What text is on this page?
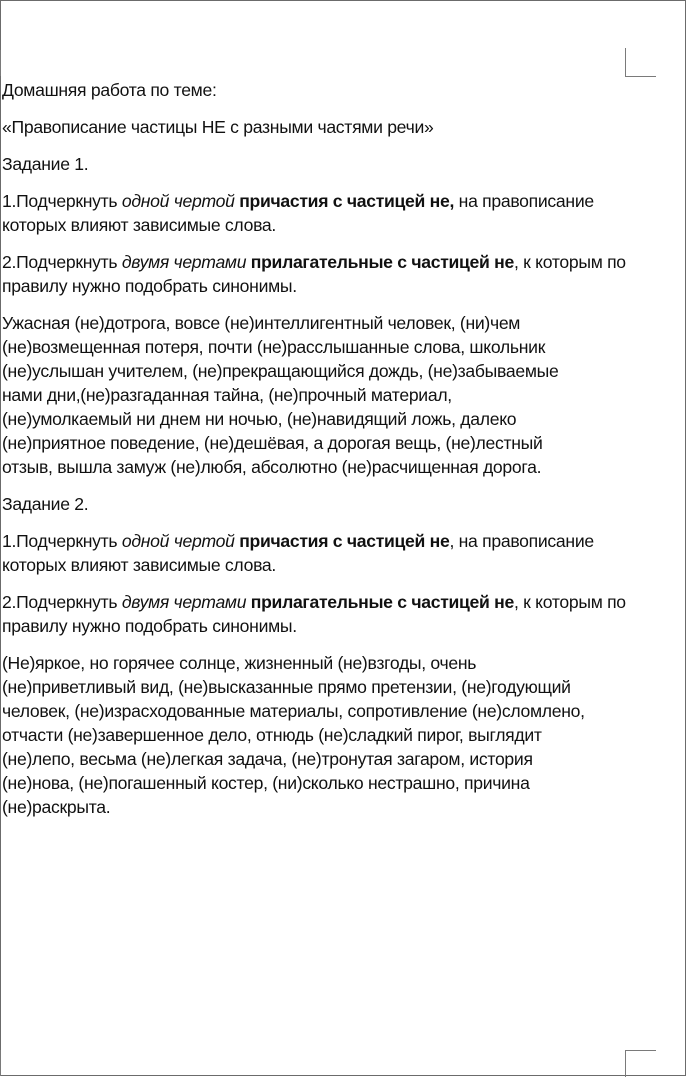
Домашняя работа по теме:

«Правописание частицы НЕ с разными частями речи»

Задание 1.

1.Подчеркнуть одной чертой причастия с частицей не, на правописание которых влияют зависимые слова.

2.Подчеркнуть двумя чертами прилагательные с частицей не, к которым по правилу нужно подобрать синонимы.

Ужасная (не)дотрога, вовсе (не)интеллигентный человек, (ни)чем

(не)возмещенная потеря, почти (не)расслышанные слова, школьник

(не)услышан учителем, (не)прекращающийся дождь, (не)забываемые

нами дни,(не)разгаданная тайна, (не)прочный материал,

(не)умолкаемый ни днем ни ночью, (не)навидящий ложь, далеко

(не)приятное поведение, (не)дешёвая, а дорогая вещь, (не)лестный

отзыв, вышла замуж (не)любя, абсолютно (не)расчищенная дорога.

Задание 2.

1.Подчеркнуть одной чертой причастия с частицей не, на правописание которых влияют зависимые слова.

2.Подчеркнуть двумя чертами прилагательные с частицей не, к которым по правилу нужно подобрать синонимы.

(Не)яркое, но горячее солнце, жизненный (не)взгоды, очень

(не)приветливый вид, (не)высказанные прямо претензии, (не)годующий

человек, (не)израсходованные материалы, сопротивление (не)сломлено,

отчасти (не)завершенное дело, отнюдь (не)сладкий пирог, выглядит

(не)лепо, весьма (не)легкая задача, (не)тронутая загаром, история

(не)нова, (не)погашенный костер, (ни)сколько нестрашно, причина

(не)раскрыта.
